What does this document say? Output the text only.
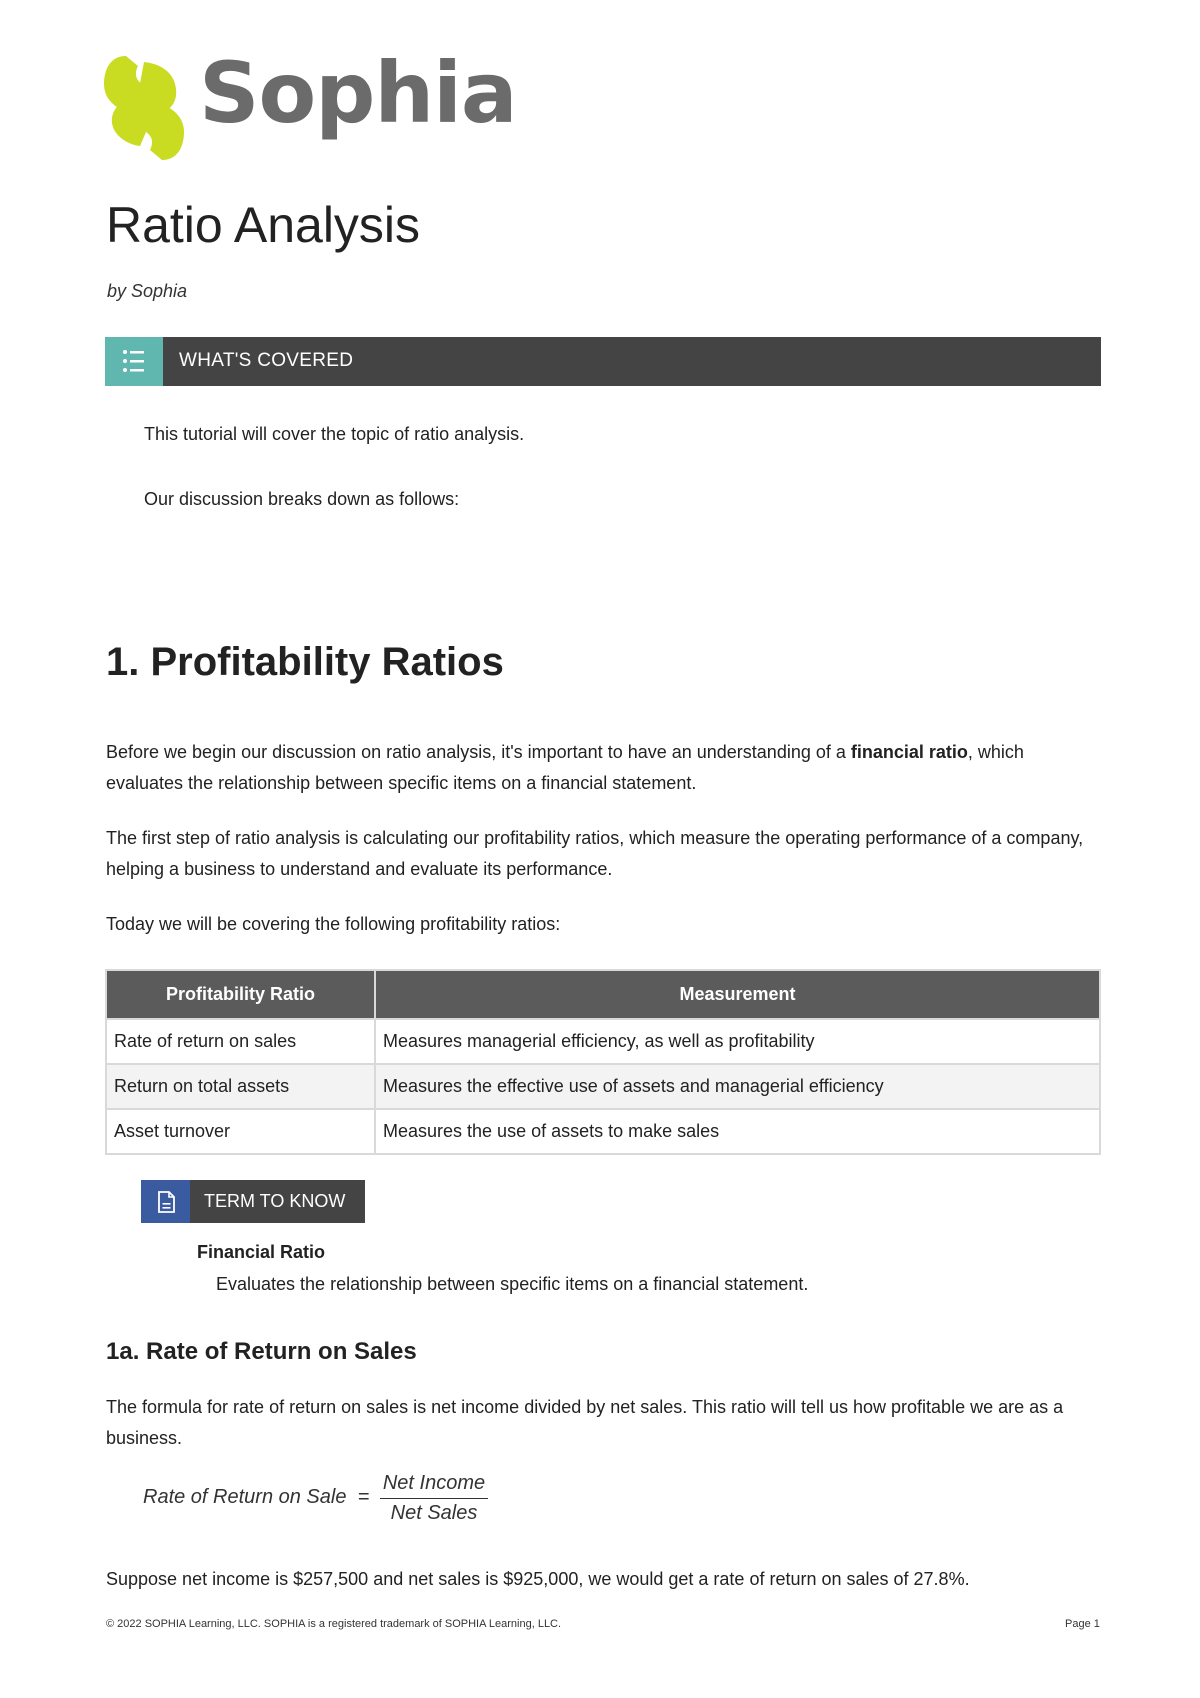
Sophia
Ratio Analysis
by Sophia
WHAT'S COVERED
This tutorial will cover the topic of ratio analysis.
Our discussion breaks down as follows:
1. Profitability Ratios

Before we begin our discussion on ratio analysis, it's important to have an understanding of a financial ratio, which evaluates the relationship between specific items on a financial statement.

The first step of ratio analysis is calculating our profitability ratios, which measure the operating performance of a company, helping a business to understand and evaluate its performance.

Today we will be covering the following profitability ratios:

Profitability Ratio	Measurement
Rate of return on sales	Measures managerial efficiency, as well as profitability
Return on total assets	Measures the effective use of assets and managerial efficiency
Asset turnover	Measures the use of assets to make sales
TERM TO KNOW
Financial Ratio
Evaluates the relationship between specific items on a financial statement.
1a. Rate of Return on Sales

The formula for rate of return on sales is net income divided by net sales. This ratio will tell us how profitable we are as a business.

Rate of Return on Sale =
Net Income
Net Sales

Suppose net income is $257,500 and net sales is $925,000, we would get a rate of return on sales of 27.8%.

© 2022 SOPHIA Learning, LLC. SOPHIA is a registered trademark of SOPHIA Learning, LLC.	Page 1
